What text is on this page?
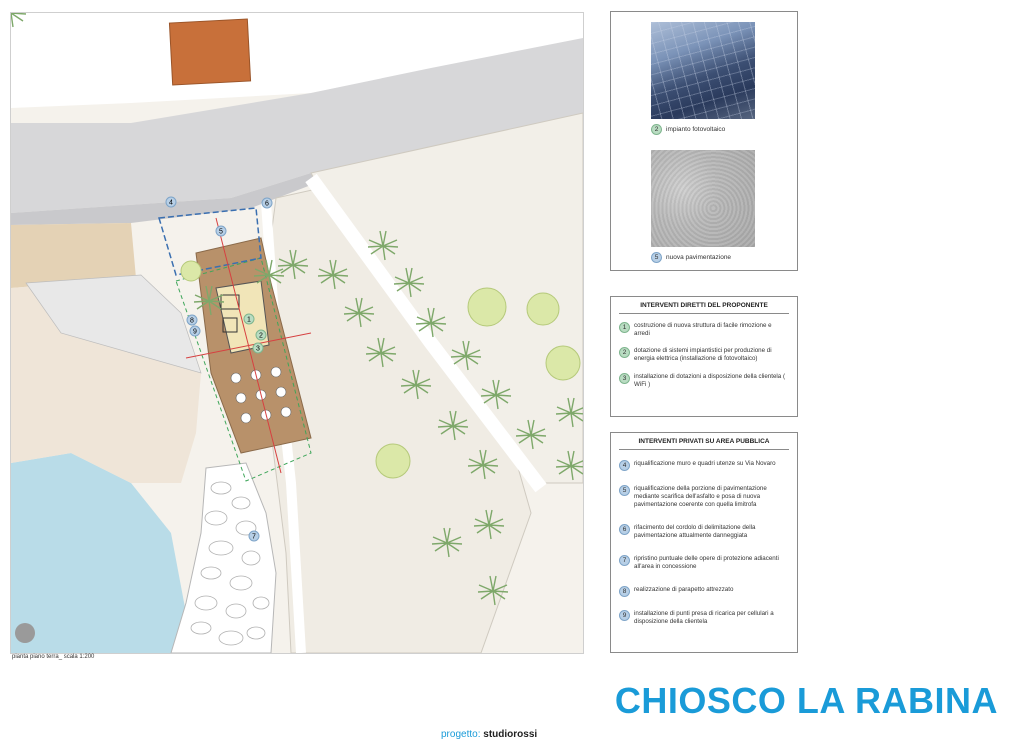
1
2
3
4
5
6
7
8
9
pianta piano terra_ scala 1:200
2	impianto fotovoltaico
5	nuova pavimentazione
INTERVENTI DIRETTI DEL PROPONENTE
1	costruzione di nuova struttura di facile rimozione e arredi
2	dotazione di sistemi impiantistici per produzione di energia elettrica (installazione di fotovoltaico)
3	installazione di dotazioni a disposizione della clientela ( WiFi )
INTERVENTI PRIVATI SU AREA PUBBLICA
4	riqualificazione muro e quadri utenze su Via Novaro
5	riqualificazione della porzione di pavimentazione mediante scarifica dell'asfalto e posa di nuova pavimentazione coerente con quella limitrofa
6	rifacimento del cordolo di delimitazione della pavimentazione attualmente danneggiata
7	ripristino puntuale delle opere di protezione adiacenti all'area in concessione
8	realizzazione di parapetto attrezzato
9	installazione di punti presa di ricarica per cellulari a disposizione della clientela
CHIOSCO LA RABINA
progetto: studiorossi
